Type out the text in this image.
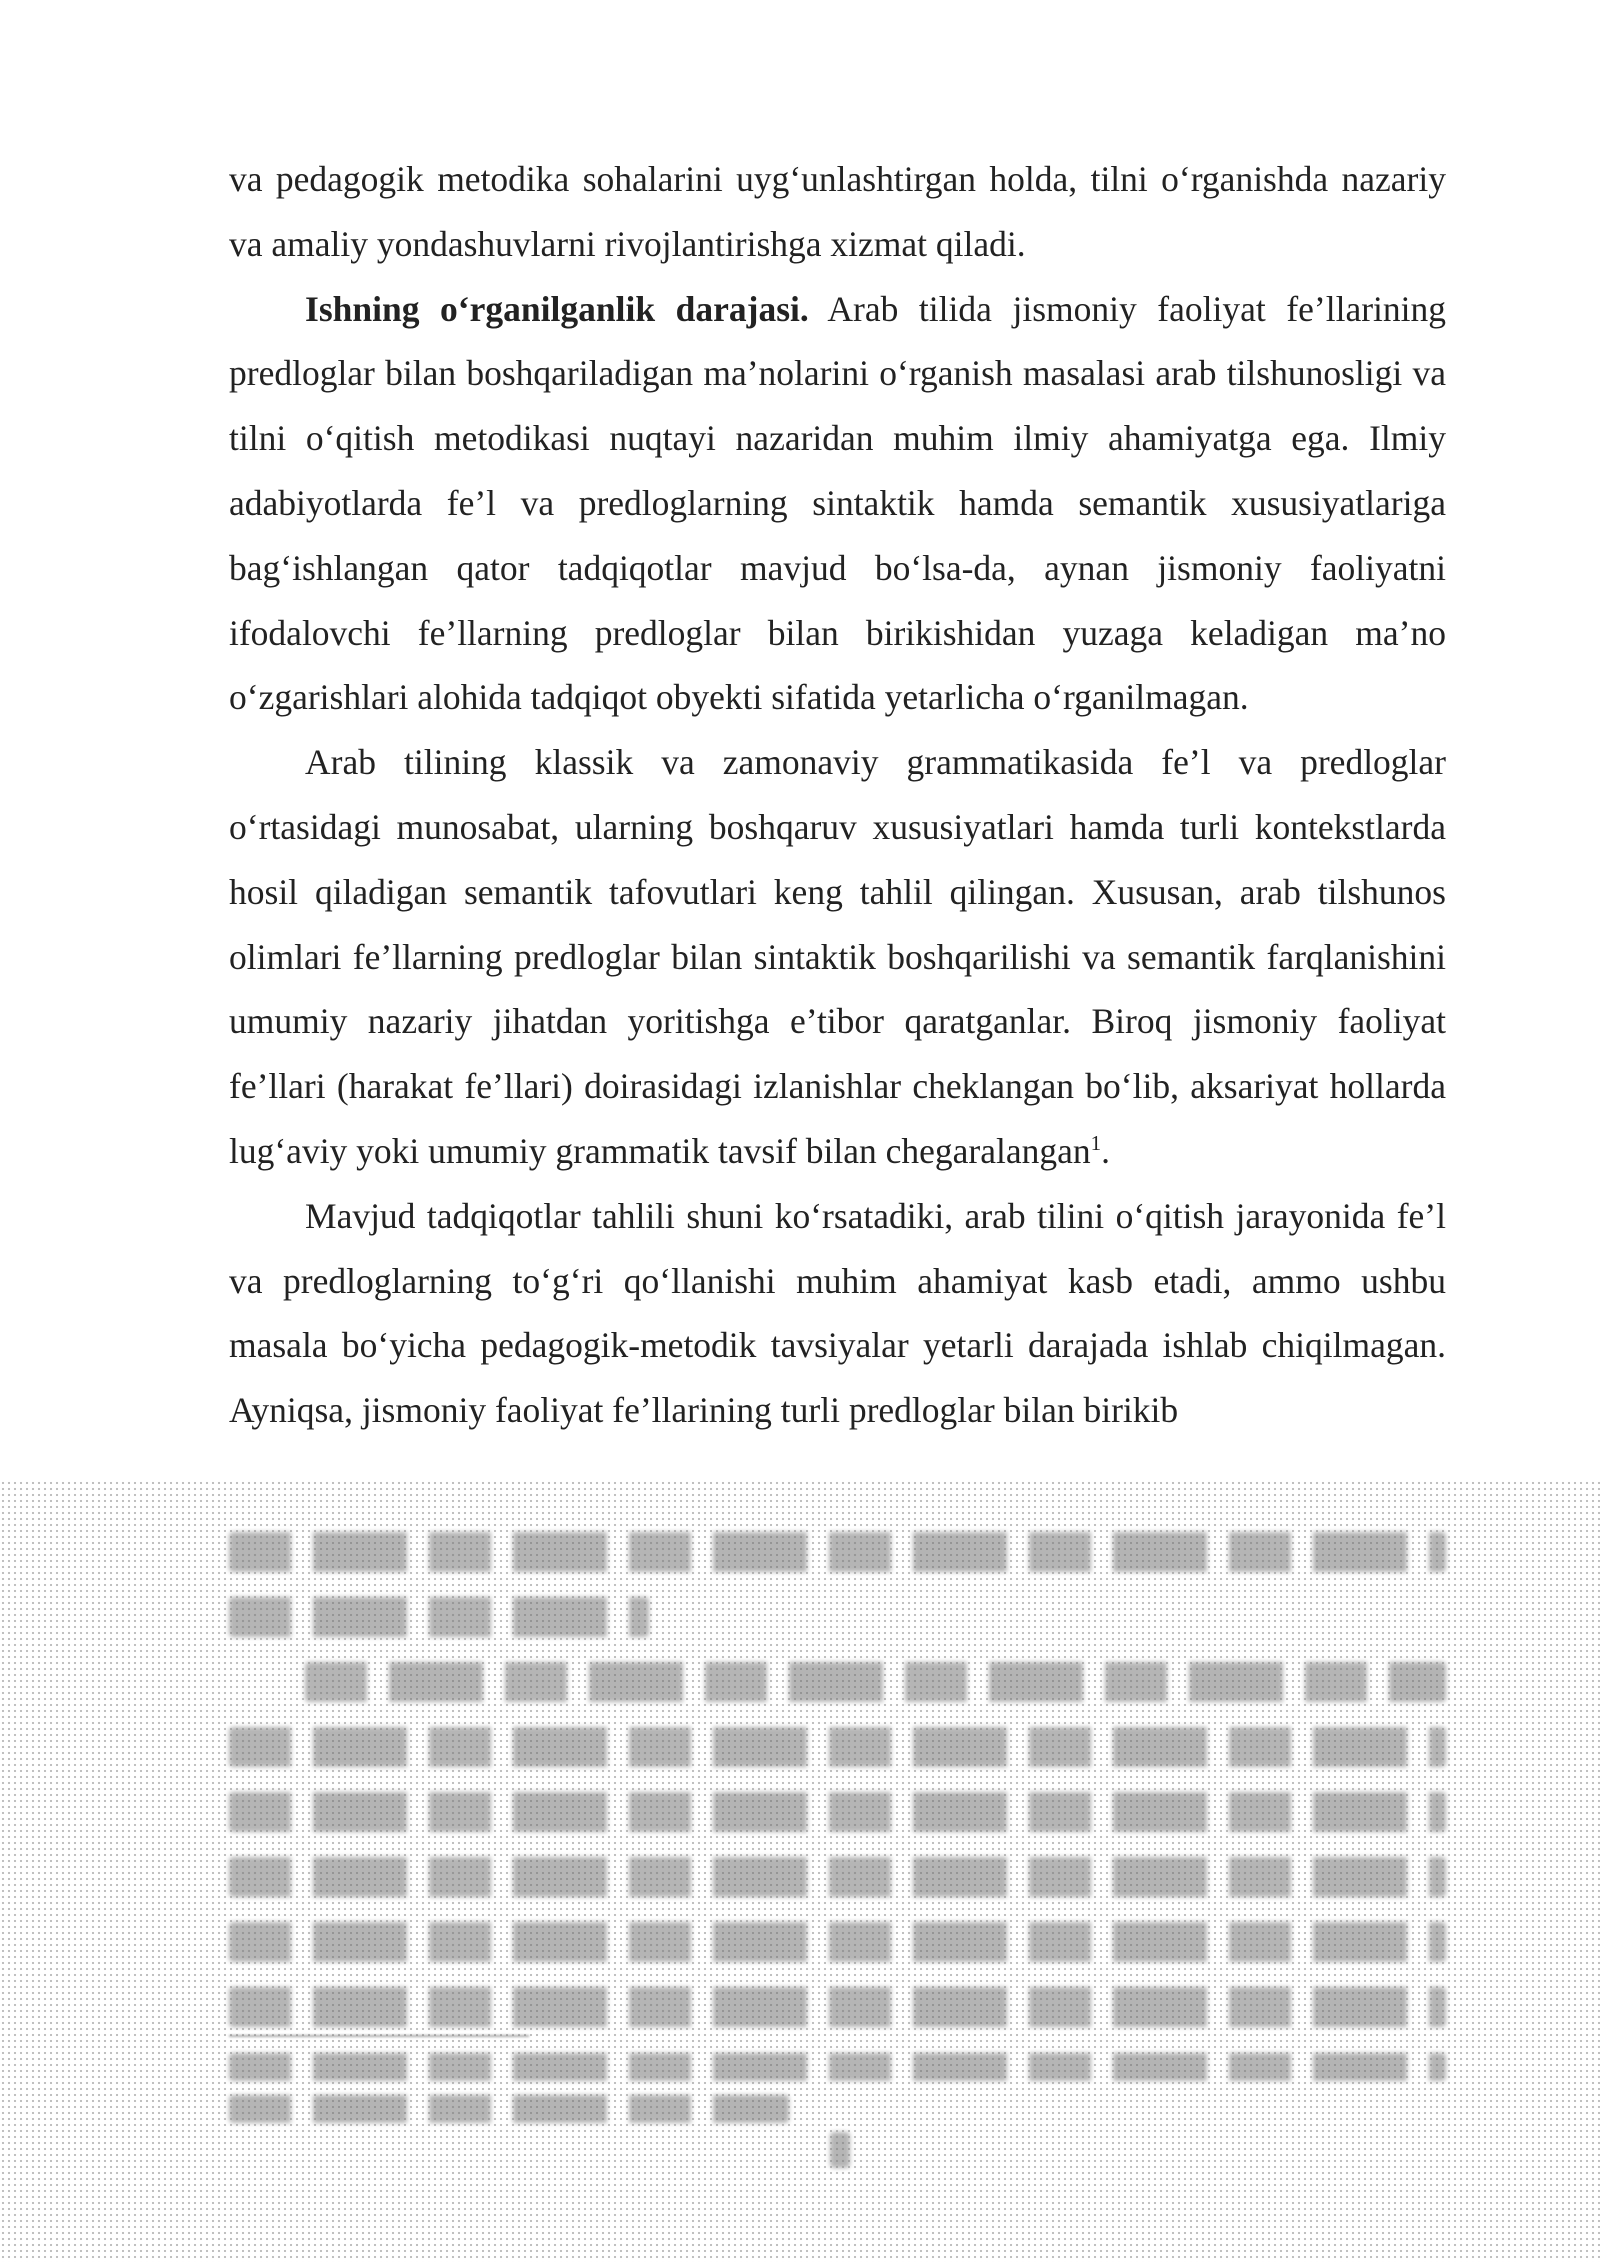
va pedagogik metodika sohalarini uyg‘unlashtirgan holda, tilni o‘rganishda nazariy va amaliy yondashuvlarni rivojlantirishga xizmat qiladi.

Ishning o‘rganilganlik darajasi. Arab tilida jismoniy faoliyat fe’llarining predloglar bilan boshqariladigan ma’nolarini o‘rganish masalasi arab tilshunosligi va tilni o‘qitish metodikasi nuqtayi nazaridan muhim ilmiy ahamiyatga ega. Ilmiy adabiyotlarda fe’l va predloglarning sintaktik hamda semantik xususiyatlariga bag‘ishlangan qator tadqiqotlar mavjud bo‘lsa-da, aynan jismoniy faoliyatni ifodalovchi fe’llarning predloglar bilan birikishidan yuzaga keladigan ma’no o‘zgarishlari alohida tadqiqot obyekti sifatida yetarlicha o‘rganilmagan.

Arab tilining klassik va zamonaviy grammatikasida fe’l va predloglar o‘rtasidagi munosabat, ularning boshqaruv xususiyatlari hamda turli kontekstlarda hosil qiladigan semantik tafovutlari keng tahlil qilingan. Xususan, arab tilshunos olimlari fe’llarning predloglar bilan sintaktik boshqarilishi va semantik farqlanishini umumiy nazariy jihatdan yoritishga e’tibor qaratganlar. Biroq jismoniy faoliyat fe’llari (harakat fe’llari) doirasidagi izlanishlar cheklangan bo‘lib, aksariyat hollarda lug‘aviy yoki umumiy grammatik tavsif bilan chegaralangan$^1$.

Mavjud tadqiqotlar tahlili shuni ko‘rsatadiki, arab tilini o‘qitish jarayonida fe’l va predloglarning to‘g‘ri qo‘llanishi muhim ahamiyat kasb etadi, ammo ushbu masala bo‘yicha pedagogik-metodik tavsiyalar yetarli darajada ishlab chiqilmagan. Ayniqsa, jismoniy faoliyat fe’llarining turli predloglar bilan birikib
